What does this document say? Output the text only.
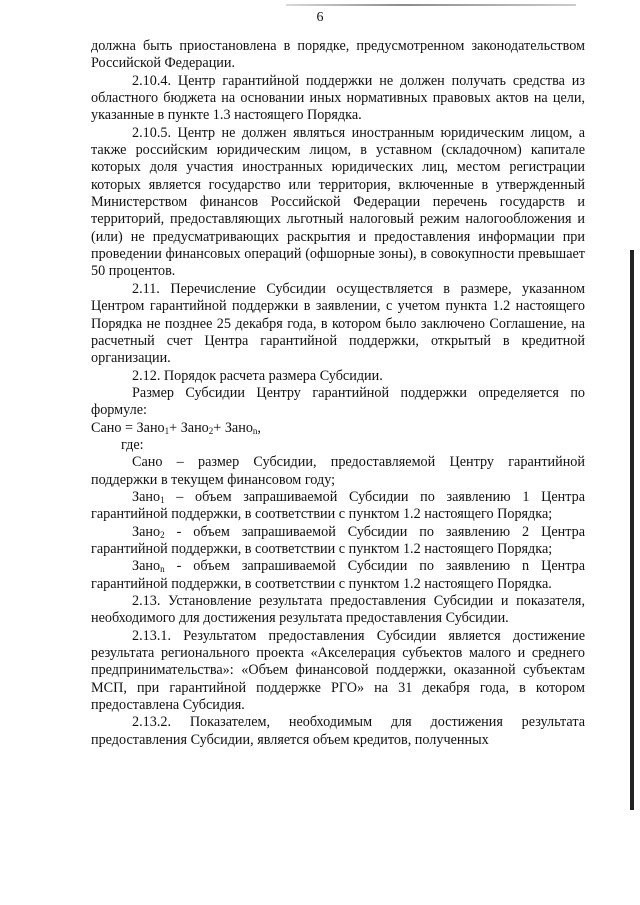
6

должна быть приостановлена в порядке, предусмотренном законодательством Российской Федерации.

2.10.4. Центр гарантийной поддержки не должен получать средства из областного бюджета на основании иных нормативных правовых актов на цели, указанные в пункте 1.3 настоящего Порядка.

2.10.5. Центр не должен являться иностранным юридическим лицом, а также российским юридическим лицом, в уставном (складочном) капитале которых доля участия иностранных юридических лиц, местом регистрации которых является государство или территория, включенные в утвержденный Министерством финансов Российской Федерации перечень государств и территорий, предоставляющих льготный налоговый режим налогообложения и (или) не предусматривающих раскрытия и предоставления информации при проведении финансовых операций (офшорные зоны), в совокупности превышает 50 процентов.

2.11. Перечисление Субсидии осуществляется в размере, указанном Центром гарантийной поддержки в заявлении, с учетом пункта 1.2 настоящего Порядка не позднее 25 декабря года, в котором было заключено Соглашение, на расчетный счет Центра гарантийной поддержки, открытый в кредитной организации.

2.12. Порядок расчета размера Субсидии.

Размер Субсидии Центру гарантийной поддержки определяется по формуле:

Сано = Зано$_1$+ Зано$_2$+ Зано$_n$,

где:

Сано – размер Субсидии, предоставляемой Центру гарантийной поддержки в текущем финансовом году;

Зано$_1$ – объем запрашиваемой Субсидии по заявлению 1 Центра гарантийной поддержки, в соответствии с пунктом 1.2 настоящего Порядка;

Зано$_2$ - объем запрашиваемой Субсидии по заявлению 2 Центра гарантийной поддержки, в соответствии с пунктом 1.2 настоящего Порядка;

Зано$_n$ - объем запрашиваемой Субсидии по заявлению n Центра гарантийной поддержки, в соответствии с пунктом 1.2 настоящего Порядка.

2.13. Установление результата предоставления Субсидии и показателя, необходимого для достижения результата предоставления Субсидии.

2.13.1. Результатом предоставления Субсидии является достижение результата регионального проекта «Акселерация субъектов малого и среднего предпринимательства»: «Объем финансовой поддержки, оказанной субъектам МСП, при гарантийной поддержке РГО» на 31 декабря года, в котором предоставлена Субсидия.

2.13.2. Показателем, необходимым для достижения результата предоставления Субсидии, является объем кредитов, полученных
